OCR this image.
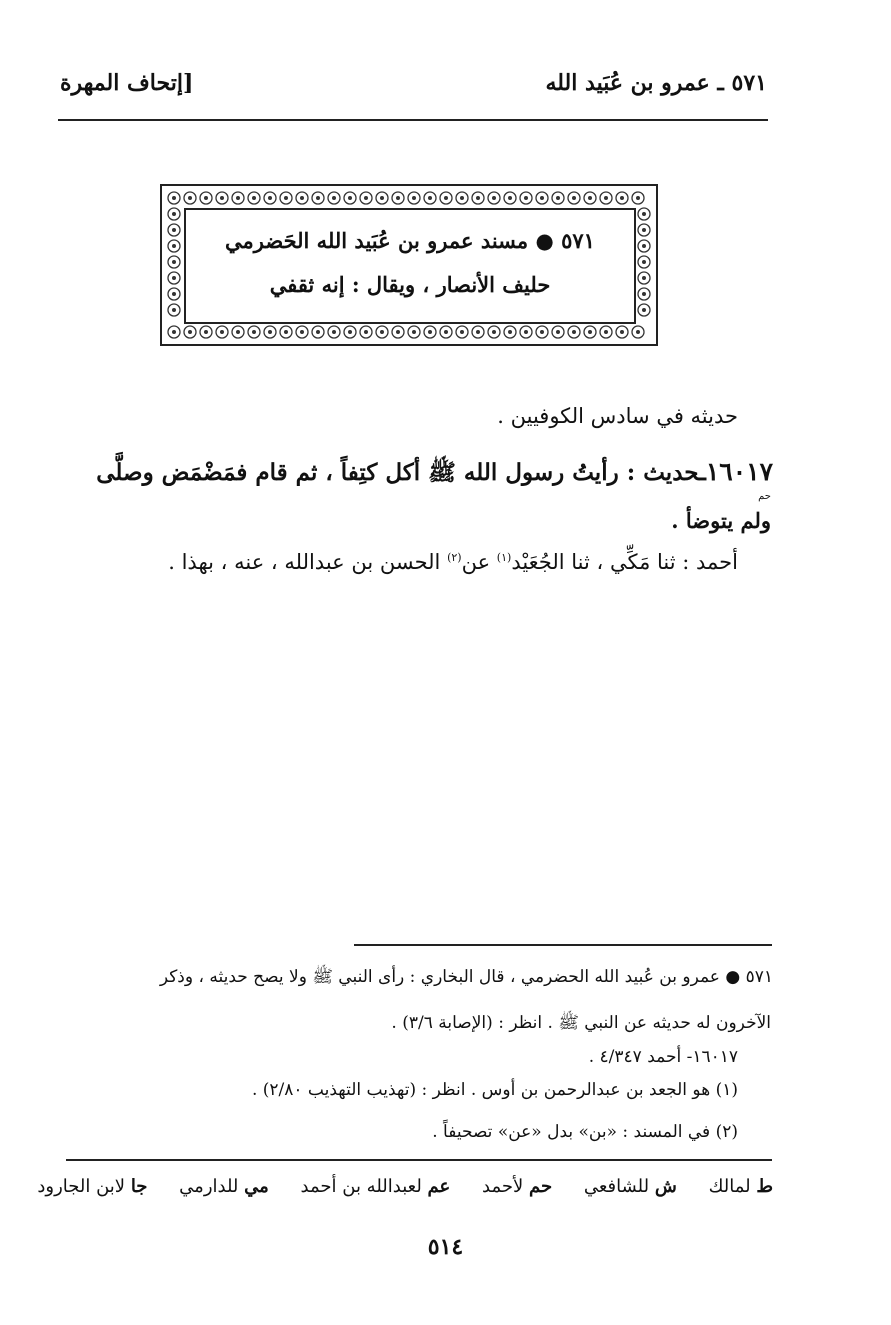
٥٧١ ـ عمرو بن عُبَيد الله
[إتحاف المهرة
٥٧١ ● مسند عمرو بن عُبَيد الله الحَضرمي
حليف الأنصار ، ويقال : إنه ثقفي
حديثه في سادس الكوفيين .
١٦٠١٧ـحديث : رأيتُ رسول الله ﷺ أكل كتِفاً ، ثم قام فمَضْمَض وصلَّى
حم
ولم يتوضأ .
أحمد : ثنا مَكِّي ، ثنا الجُعَيْد$^{(١)}$ عن$^{(٢)}$ الحسن بن عبدالله ، عنه ، بهذا .
٥٧١ ● عمرو بن عُبيد الله الحضرمي ، قال البخاري : رأى النبي ﷺ ولا يصح حديثه ، وذكر
الآخرون له حديثه عن النبي ﷺ . انظر : (الإصابة ٣/٦) .
١٦٠١٧- أحمد ٤/٣٤٧ .
(١) هو الجعد بن عبدالرحمن بن أوس . انظر : (تهذيب التهذيب ٢/٨٠) .
(٢) في المسند : «بن» بدل «عن» تصحيفاً .
ط لمالك ش للشافعي حم لأحمد عم لعبدالله بن أحمد مي للدارمي جا لابن الجارود
٥١٤
